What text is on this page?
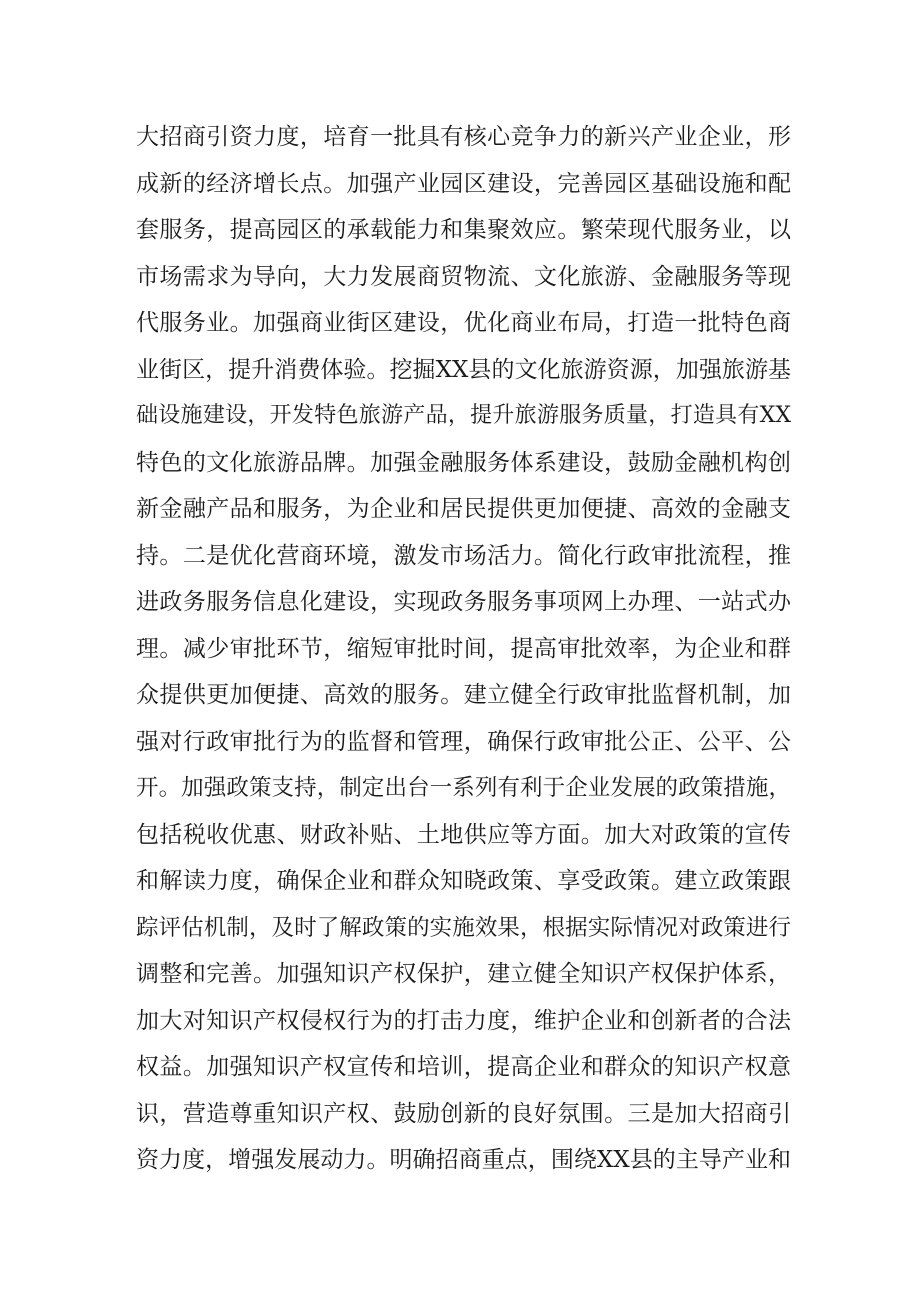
大招商引资力度，培育一批具有核心竞争力的新兴产业企业，形
成新的经济增长点。加强产业园区建设，完善园区基础设施和配
套服务，提高园区的承载能力和集聚效应。繁荣现代服务业，以
市场需求为导向，大力发展商贸物流、文化旅游、金融服务等现
代服务业。加强商业街区建设，优化商业布局，打造一批特色商
业街区，提升消费体验。挖掘XX县的文化旅游资源，加强旅游基
础设施建设，开发特色旅游产品，提升旅游服务质量，打造具有XX
特色的文化旅游品牌。加强金融服务体系建设，鼓励金融机构创
新金融产品和服务，为企业和居民提供更加便捷、高效的金融支
持。二是优化营商环境，激发市场活力。简化行政审批流程，推
进政务服务信息化建设，实现政务服务事项网上办理、一站式办
理。减少审批环节，缩短审批时间，提高审批效率，为企业和群
众提供更加便捷、高效的服务。建立健全行政审批监督机制，加
强对行政审批行为的监督和管理，确保行政审批公正、公平、公
开。加强政策支持，制定出台一系列有利于企业发展的政策措施，
包括税收优惠、财政补贴、土地供应等方面。加大对政策的宣传
和解读力度，确保企业和群众知晓政策、享受政策。建立政策跟
踪评估机制，及时了解政策的实施效果，根据实际情况对政策进行
调整和完善。加强知识产权保护，建立健全知识产权保护体系，
加大对知识产权侵权行为的打击力度，维护企业和创新者的合法
权益。加强知识产权宣传和培训，提高企业和群众的知识产权意
识，营造尊重知识产权、鼓励创新的良好氛围。三是加大招商引
资力度，增强发展动力。明确招商重点，围绕XX县的主导产业和
